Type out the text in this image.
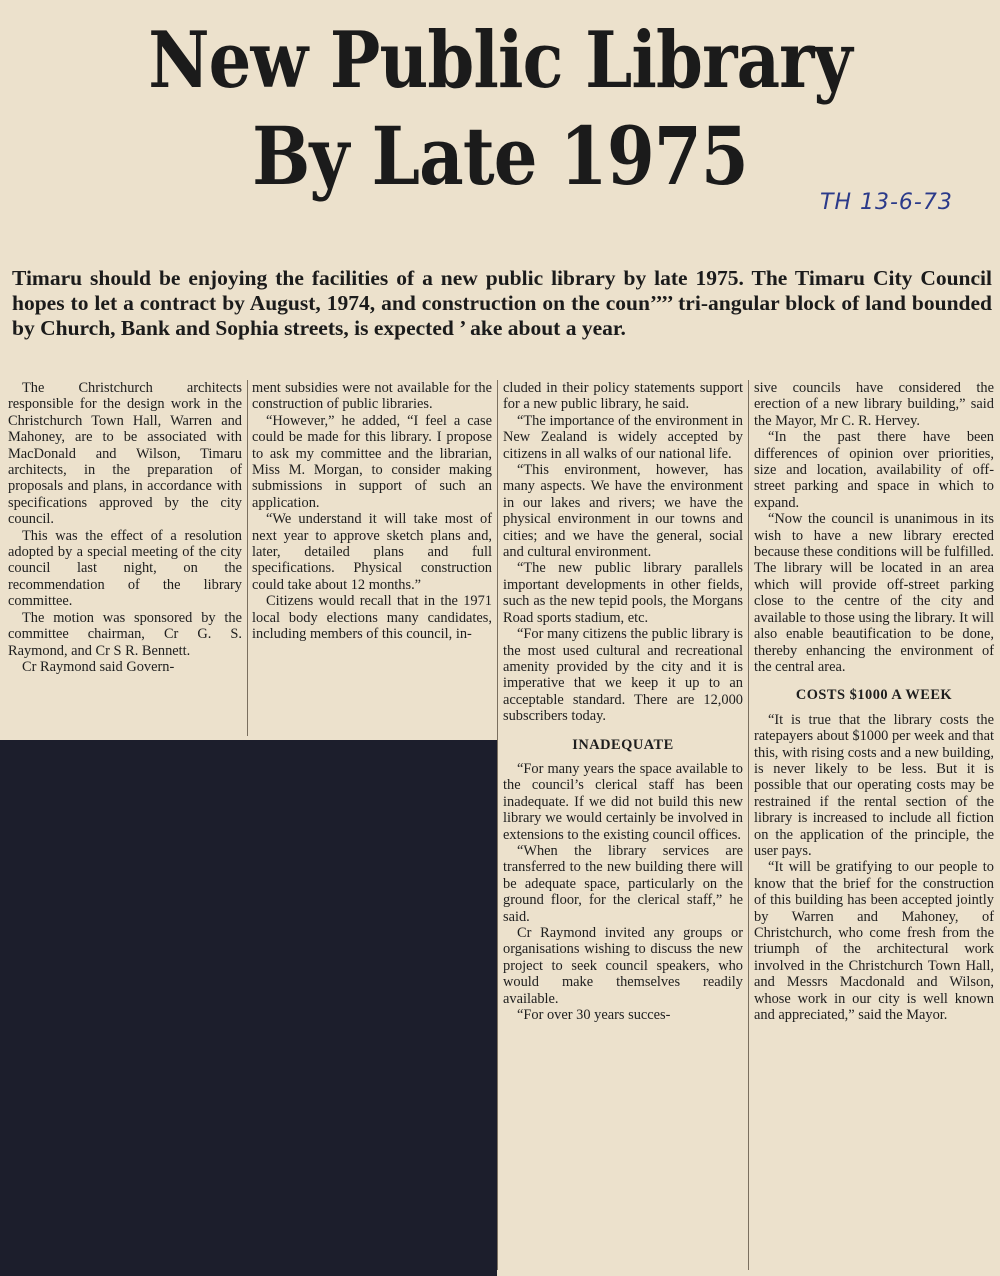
New Public Library
By Late 1975	TH 13-6-73

Timaru should be enjoying the facilities of a new public library by late 1975. The Timaru City Council hopes to let a contract by August, 1974, and construction on the coun’’’’ tri-angular block of land bounded by Church, Bank and Sophia streets, is expected ’ ake about a year.

The Christchurch architects responsible for the design work in the Christchurch Town Hall, Warren and Mahoney, are to be associated with MacDonald and Wilson, Timaru architects, in the preparation of proposals and plans, in accordance with specifications approved by the city council.

This was the effect of a resolution adopted by a special meeting of the city council last night, on the recommendation of the library committee.

The motion was sponsored by the committee chairman, Cr G. S. Raymond, and Cr S R. Bennett.

Cr Raymond said Govern-

ment subsidies were not available for the construction of public libraries.

“However,” he added, “I feel a case could be made for this library. I propose to ask my committee and the librarian, Miss M. Morgan, to consider making submissions in support of such an application.

“We understand it will take most of next year to approve sketch plans and, later, detailed plans and full specifications. Physical construction could take about 12 months.”

Citizens would recall that in the 1971 local body elections many candidates, including members of this council, in-

cluded in their policy statements support for a new public library, he said.

“The importance of the environment in New Zealand is widely accepted by citizens in all walks of our national life.

“This environment, however, has many aspects. We have the environment in our lakes and rivers; we have the physical environment in our towns and cities; and we have the general, social and cultural environment.

“The new public library parallels important developments in other fields, such as the new tepid pools, the Morgans Road sports stadium, etc.

“For many citizens the public library is the most used cultural and recreational amenity provided by the city and it is imperative that we keep it up to an acceptable standard. There are 12,000 subscribers today.

INADEQUATE

“For many years the space available to the council’s clerical staff has been inadequate. If we did not build this new library we would certainly be involved in extensions to the existing council offices.

“When the library services are transferred to the new building there will be adequate space, particularly on the ground floor, for the clerical staff,” he said.

Cr Raymond invited any groups or organisations wishing to discuss the new project to seek council speakers, who would make themselves readily available.

“For over 30 years succes-

sive councils have considered the erection of a new library building,” said the Mayor, Mr C. R. Hervey.

“In the past there have been differences of opinion over priorities, size and location, availability of off-street parking and space in which to expand.

“Now the council is unanimous in its wish to have a new library erected because these conditions will be fulfilled. The library will be located in an area which will provide off-street parking close to the centre of the city and available to those using the library. It will also enable beautification to be done, thereby enhancing the environment of the central area.

COSTS $1000 A WEEK

“It is true that the library costs the ratepayers about $1000 per week and that this, with rising costs and a new building, is never likely to be less. But it is possible that our operating costs may be restrained if the rental section of the library is increased to include all fiction on the application of the principle, the user pays.

“It will be gratifying to our people to know that the brief for the construction of this building has been accepted jointly by Warren and Mahoney, of Christchurch, who come fresh from the triumph of the architectural work involved in the Christchurch Town Hall, and Messrs Macdonald and Wilson, whose work in our city is well known and appreciated,” said the Mayor.
